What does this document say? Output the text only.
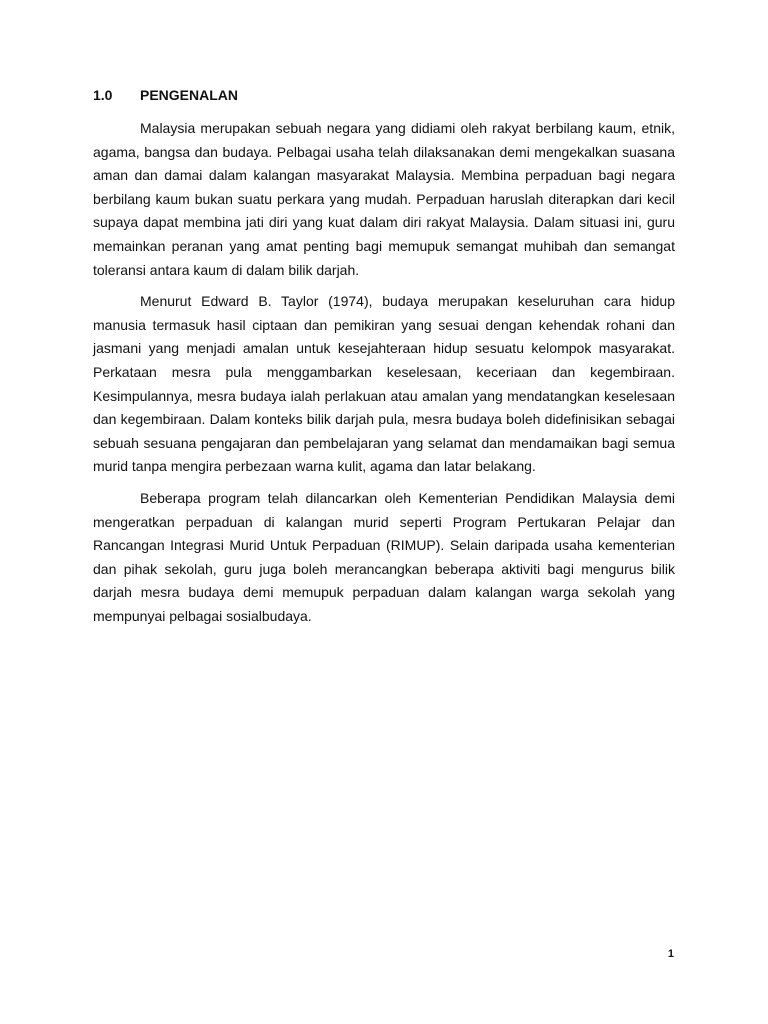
1.0 PENGENALAN

Malaysia merupakan sebuah negara yang didiami oleh rakyat berbilang kaum, etnik, agama, bangsa dan budaya. Pelbagai usaha telah dilaksanakan demi mengekalkan suasana aman dan damai dalam kalangan masyarakat Malaysia. Membina perpaduan bagi negara berbilang kaum bukan suatu perkara yang mudah. Perpaduan haruslah diterapkan dari kecil supaya dapat membina jati diri yang kuat dalam diri rakyat Malaysia. Dalam situasi ini, guru memainkan peranan yang amat penting bagi memupuk semangat muhibah dan semangat toleransi antara kaum di dalam bilik darjah.

Menurut Edward B. Taylor (1974), budaya merupakan keseluruhan cara hidup manusia termasuk hasil ciptaan dan pemikiran yang sesuai dengan kehendak rohani dan jasmani yang menjadi amalan untuk kesejahteraan hidup sesuatu kelompok masyarakat. Perkataan mesra pula menggambarkan keselesaan, keceriaan dan kegembiraan. Kesimpulannya, mesra budaya ialah perlakuan atau amalan yang mendatangkan keselesaan dan kegembiraan. Dalam konteks bilik darjah pula, mesra budaya boleh didefinisikan sebagai sebuah sesuana pengajaran dan pembelajaran yang selamat dan mendamaikan bagi semua murid tanpa mengira perbezaan warna kulit, agama dan latar belakang.

Beberapa program telah dilancarkan oleh Kementerian Pendidikan Malaysia demi mengeratkan perpaduan di kalangan murid seperti Program Pertukaran Pelajar dan Rancangan Integrasi Murid Untuk Perpaduan (RIMUP). Selain daripada usaha kementerian dan pihak sekolah, guru juga boleh merancangkan beberapa aktiviti bagi mengurus bilik darjah mesra budaya demi memupuk perpaduan dalam kalangan warga sekolah yang mempunyai pelbagai sosialbudaya.

1
